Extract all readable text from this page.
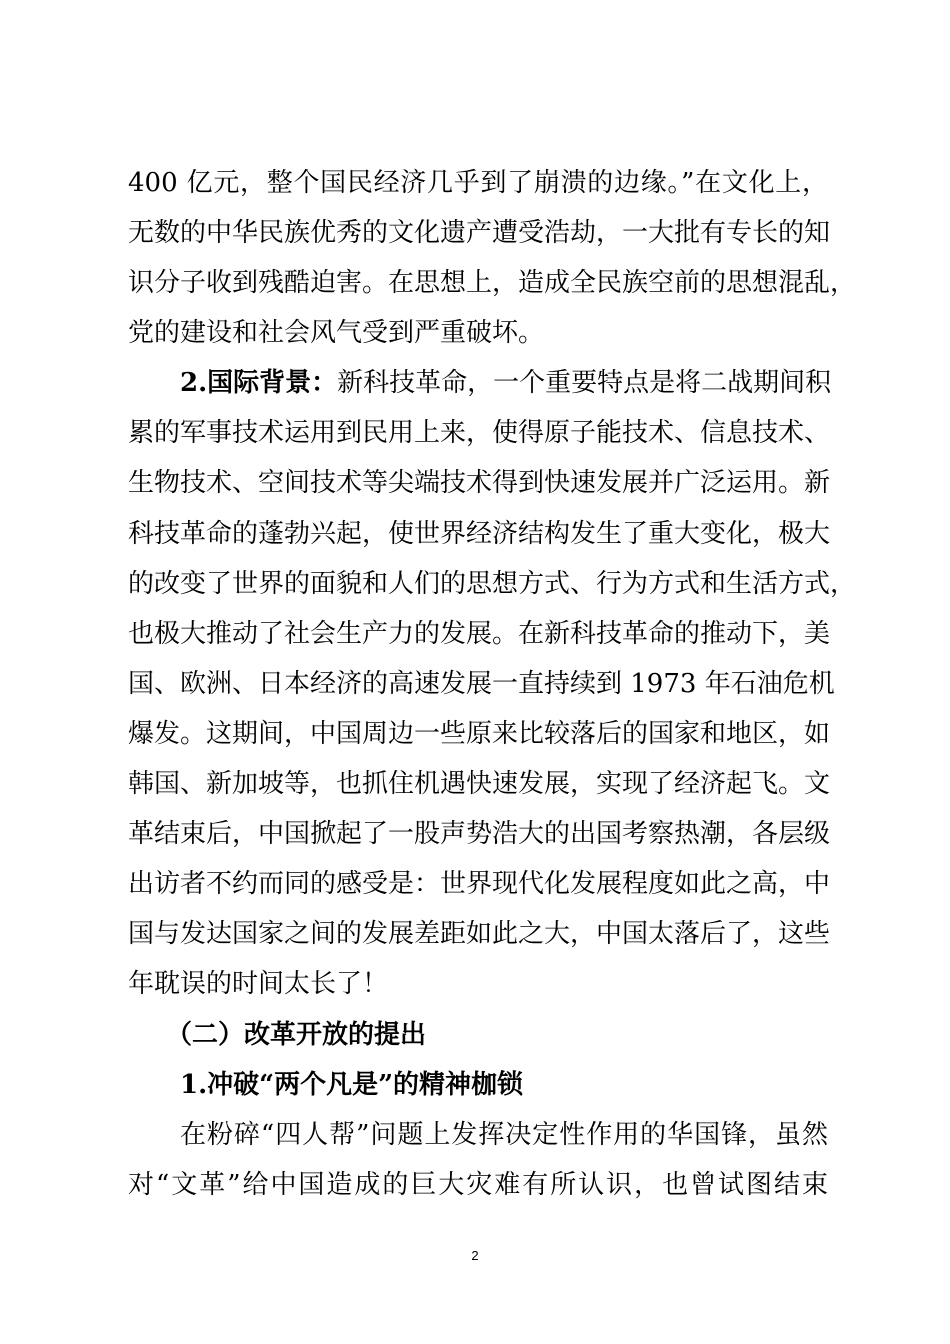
400 亿元，整个国民经济几乎到了崩溃的边缘。”在文化上，
无数的中华民族优秀的文化遗产遭受浩劫，一大批有专长的知
识分子收到残酷迫害。在思想上，造成全民族空前的思想混乱，
党的建设和社会风气受到严重破坏。
2.国际背景：新科技革命，一个重要特点是将二战期间积
累的军事技术运用到民用上来，使得原子能技术、信息技术、
生物技术、空间技术等尖端技术得到快速发展并广泛运用。新
科技革命的蓬勃兴起，使世界经济结构发生了重大变化，极大
的改变了世界的面貌和人们的思想方式、行为方式和生活方式，
也极大推动了社会生产力的发展。在新科技革命的推动下，美
国、欧洲、日本经济的高速发展一直持续到 1973 年石油危机
爆发。这期间，中国周边一些原来比较落后的国家和地区，如
韩国、新加坡等，也抓住机遇快速发展，实现了经济起飞。文
革结束后，中国掀起了一股声势浩大的出国考察热潮，各层级
出访者不约而同的感受是：世界现代化发展程度如此之高，中
国与发达国家之间的发展差距如此之大，中国太落后了，这些
年耽误的时间太长了！
（二）改革开放的提出
1.冲破“两个凡是”的精神枷锁
在粉碎“四人帮”问题上发挥决定性作用的华国锋，虽然
对“文革”给中国造成的巨大灾难有所认识，也曾试图结束
2
